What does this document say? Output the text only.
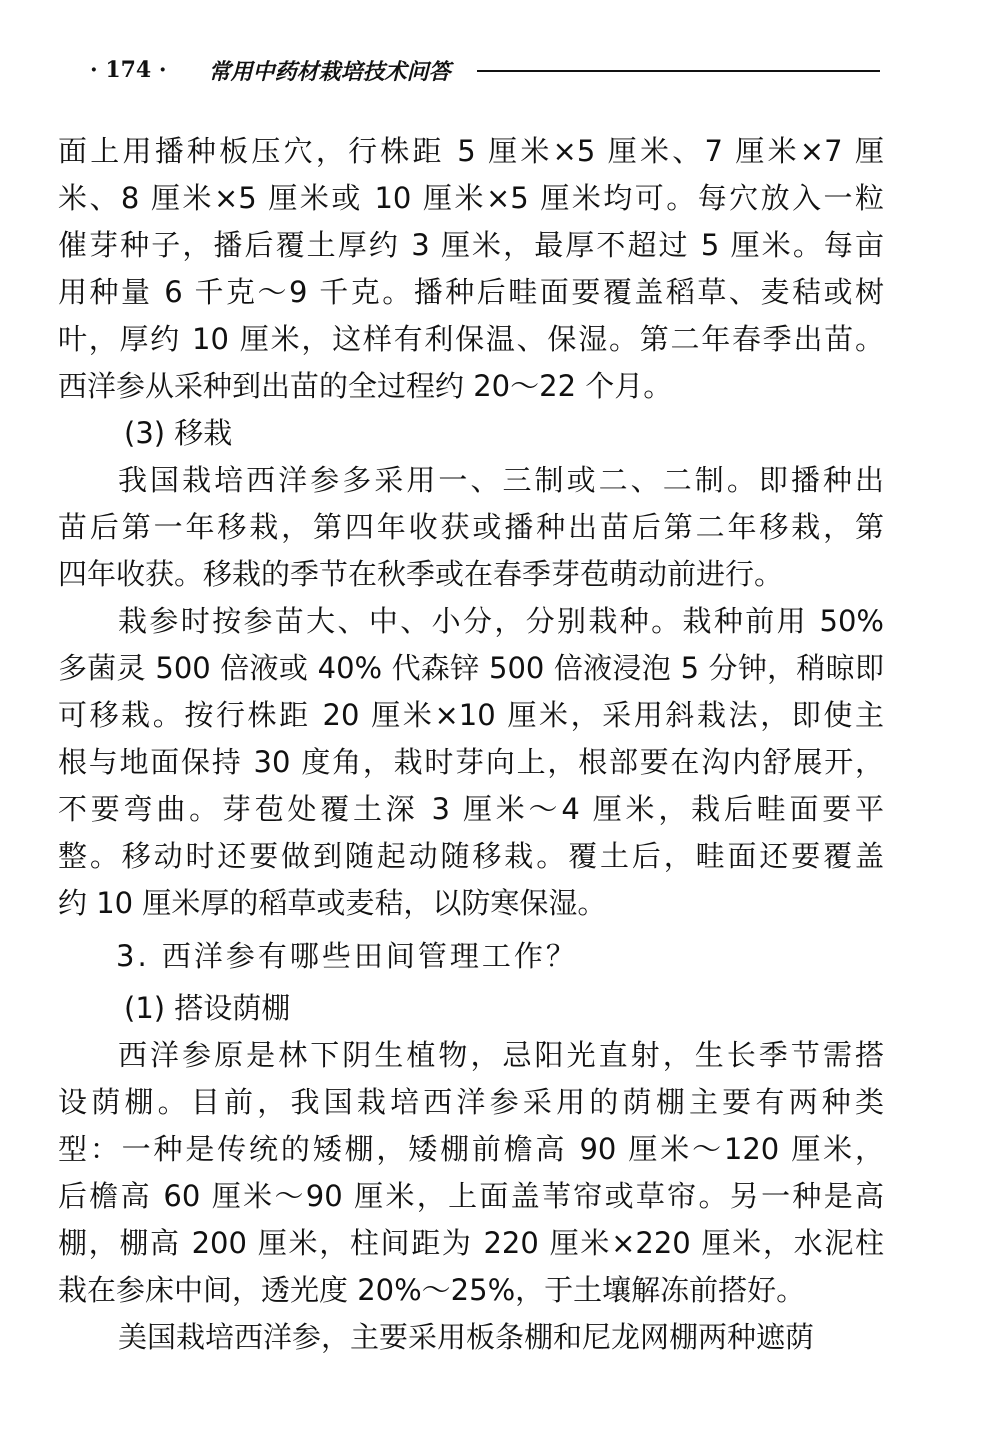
· 174 · 常用中药材栽培技术问答
面上用播种板压穴，行株距 5 厘米×5 厘米、7 厘米×7 厘
米、8 厘米×5 厘米或 10 厘米×5 厘米均可。每穴放入一粒
催芽种子，播后覆土厚约 3 厘米，最厚不超过 5 厘米。每亩
用种量 6 千克～9 千克。播种后畦面要覆盖稻草、麦秸或树
叶，厚约 10 厘米，这样有利保温、保湿。第二年春季出苗。
西洋参从采种到出苗的全过程约 20～22 个月。
(3) 移栽
我国栽培西洋参多采用一、三制或二、二制。即播种出
苗后第一年移栽，第四年收获或播种出苗后第二年移栽，第
四年收获。移栽的季节在秋季或在春季芽苞萌动前进行。
栽参时按参苗大、中、小分，分别栽种。栽种前用 50%
多菌灵 500 倍液或 40% 代森锌 500 倍液浸泡 5 分钟，稍晾即
可移栽。按行株距 20 厘米×10 厘米，采用斜栽法，即使主
根与地面保持 30 度角，栽时芽向上，根部要在沟内舒展开，
不要弯曲。芽苞处覆土深 3 厘米～4 厘米，栽后畦面要平
整。移动时还要做到随起动随移栽。覆土后，畦面还要覆盖
约 10 厘米厚的稻草或麦秸，以防寒保湿。
3. 西洋参有哪些田间管理工作？
(1) 搭设荫棚
西洋参原是林下阴生植物，忌阳光直射，生长季节需搭
设荫棚。目前，我国栽培西洋参采用的荫棚主要有两种类
型：一种是传统的矮棚，矮棚前檐高 90 厘米～120 厘米，
后檐高 60 厘米～90 厘米，上面盖苇帘或草帘。另一种是高
棚，棚高 200 厘米，柱间距为 220 厘米×220 厘米，水泥柱
栽在参床中间，透光度 20%～25%，于土壤解冻前搭好。
美国栽培西洋参，主要采用板条棚和尼龙网棚两种遮荫
